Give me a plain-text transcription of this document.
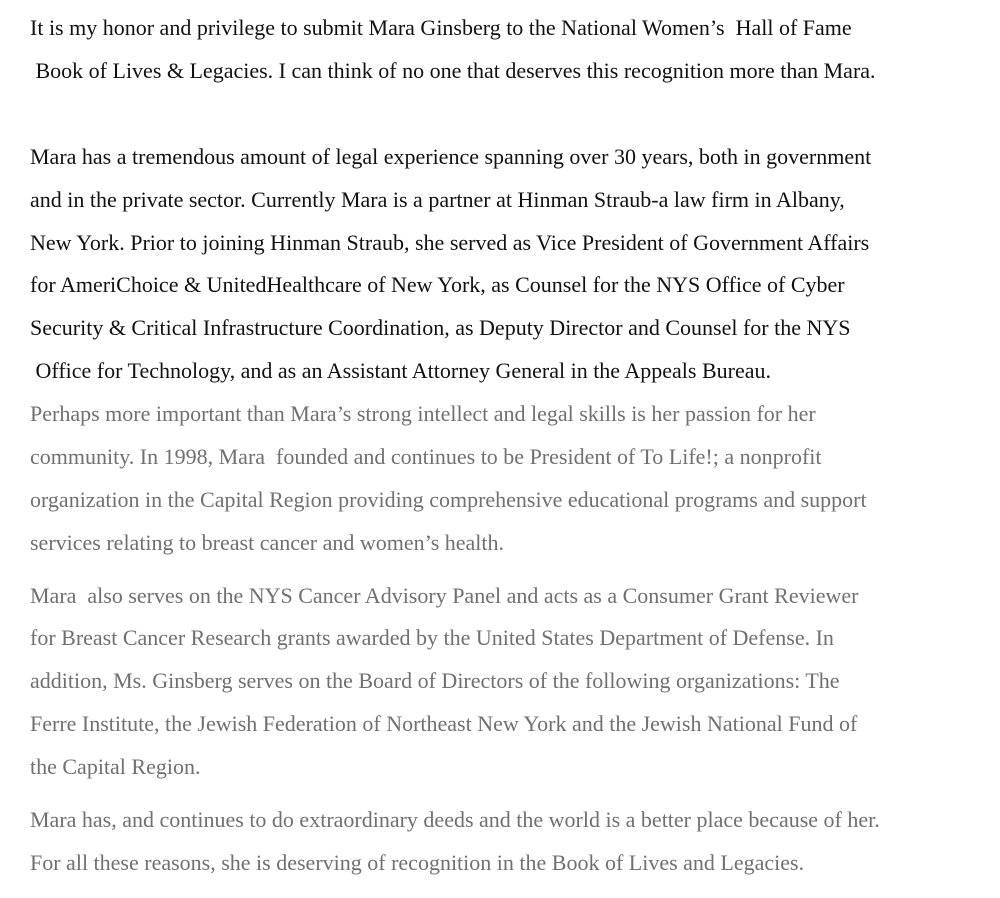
It is my honor and privilege to submit Mara Ginsberg to the National Women’s  Hall of Fame
Book of Lives & Legacies. I can think of no one that deserves this recognition more than Mara.
Mara has a tremendous amount of legal experience spanning over 30 years, both in government
and in the private sector. Currently Mara is a partner at Hinman Straub-a law firm in Albany,
New York. Prior to joining Hinman Straub, she served as Vice President of Government Affairs
for AmeriChoice & UnitedHealthcare of New York, as Counsel for the NYS Office of Cyber
Security & Critical Infrastructure Coordination, as Deputy Director and Counsel for the NYS
Office for Technology, and as an Assistant Attorney General in the Appeals Bureau.
Perhaps more important than Mara’s strong intellect and legal skills is her passion for her
community. In 1998, Mara  founded and continues to be President of To Life!; a nonprofit
organization in the Capital Region providing comprehensive educational programs and support
services relating to breast cancer and women’s health.
Mara  also serves on the NYS Cancer Advisory Panel and acts as a Consumer Grant Reviewer
for Breast Cancer Research grants awarded by the United States Department of Defense. In
addition, Ms. Ginsberg serves on the Board of Directors of the following organizations: The
Ferre Institute, the Jewish Federation of Northeast New York and the Jewish National Fund of
the Capital Region.
Mara has, and continues to do extraordinary deeds and the world is a better place because of her.
For all these reasons, she is deserving of recognition in the Book of Lives and Legacies.
